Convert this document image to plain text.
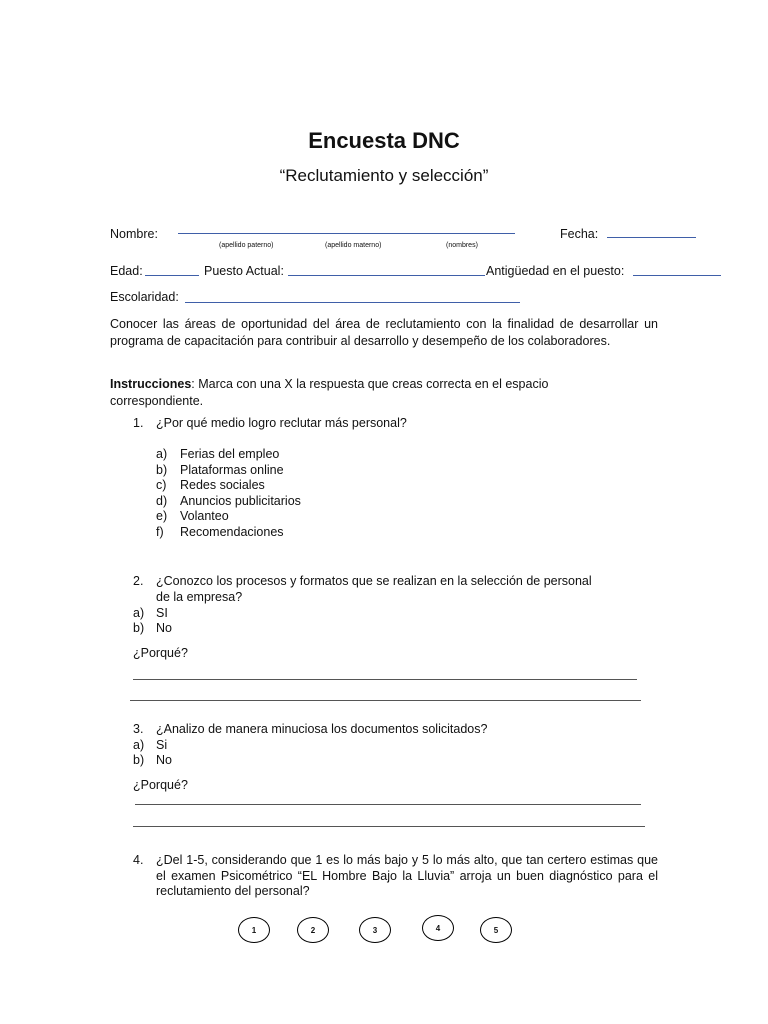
Encuesta DNC
“Reclutamiento y selección”
Nombre:
(apellido paterno)	(apellido materno)	(nombres)
Fecha:
Edad:	Puesto Actual:	Antigüedad en el puesto:
Escolaridad:
Conocer las áreas de oportunidad del área de reclutamiento con la finalidad de desarrollar un programa de capacitación para contribuir al desarrollo y desempeño de los colaboradores.
Instrucciones: Marca con una X la respuesta que creas correcta en el espacio correspondiente.
1. ¿Por qué medio logro reclutar más personal?
a) Ferias del empleo
b) Plataformas online
c) Redes sociales
d) Anuncios publicitarios
e) Volanteo
f) Recomendaciones
2. ¿Conozco los procesos y formatos que se realizan en la selección de personal
de la empresa?
a) SI
b) No
¿Porqué?
3. ¿Analizo de manera minuciosa los documentos solicitados?
a) Si
b) No
¿Porqué?
4. ¿Del 1-5, considerando que 1 es lo más bajo y 5 lo más alto, que tan certero estimas que el examen Psicométrico “EL Hombre Bajo la Lluvia” arroja un buen diagnóstico para el reclutamiento del personal?
1	2	3	4	5
